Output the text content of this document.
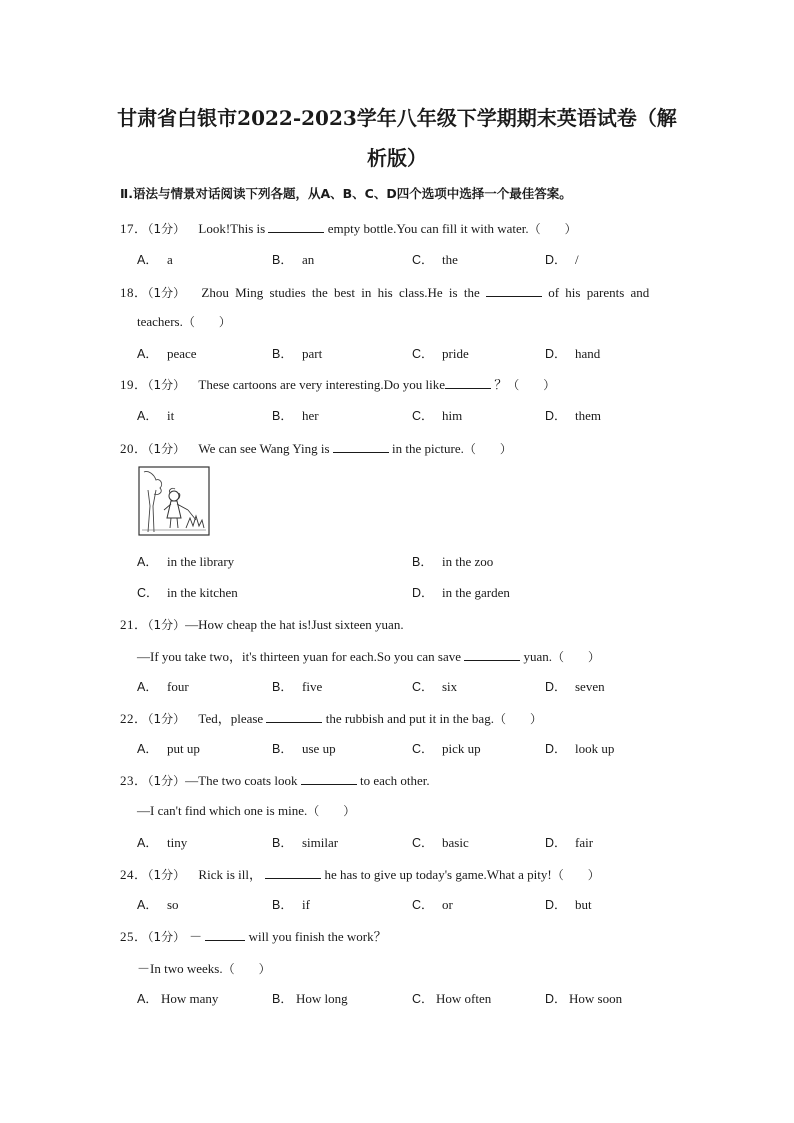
甘肃省白银市2022-2023学年八年级下学期期末英语试卷（解析版）
Ⅱ.语法与情景对话阅读下列各题，从A、B、C、D四个选项中选择一个最佳答案。
17．（1分） Look!This is	empty bottle.You can fill it with water.（　　）
A． a	B． an	C． the	D． /
18．（1分） Zhou Ming studies the best in his class.He is the	of his parents and
teachers.（　　）
A． peace	B． part	C． pride	D． hand
19．（1分） These cartoons are very interesting.Do you like	？（　　）
A． it	B． her	C． him	D． them
20．（1分） We can see Wang Ying is	in the picture.（　　）
A． in the library	B． in the zoo
C． in the kitchen	D． in the garden
21．（1分）—How cheap the hat is!Just sixteen yuan.
—If you take two，it's thirteen yuan for each.So you can save	yuan.（　　）
A． four	B． five	C． six	D． seven
22．（1分） Ted，please	the rubbish and put it in the bag.（　　）
A． put up	B． use up	C． pick up	D． look up
23．（1分）—The two coats look	to each other.
—I can't find which one is mine.（　　）
A． tiny	B． similar	C． basic	D． fair
24．（1分） Rick is ill，	he has to give up today's game.What a pity!（　　）
A． so	B． if	C． or	D． but
25．（1分） －	will you finish the work？
－In two weeks.（　　）
A． How many	B． How long	C． How often	D． How soon
